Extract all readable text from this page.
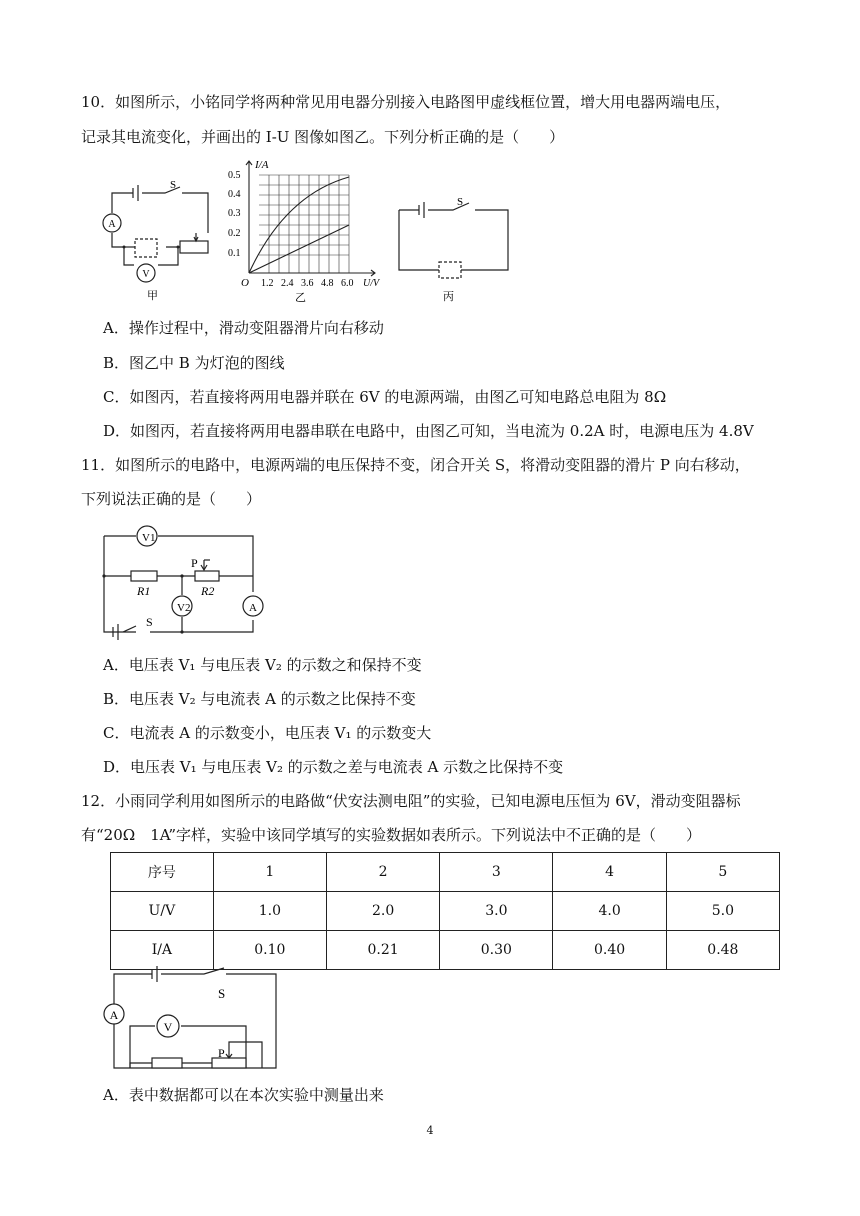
10．如图所示，小铭同学将两种常见用电器分别接入电路图甲虚线框位置，增大用电器两端电压，
记录其电流变化，并画出的 I-U 图像如图乙。下列分析正确的是（　　）
A
V
S
甲
I/A
0.5
0.4
0.3
0.2
0.1
O 1.2 2.4 3.6 4.8 6.0 U/V
乙
S
丙
A．操作过程中，滑动变阻器滑片向右移动
B．图乙中 B 为灯泡的图线
C．如图丙，若直接将两用电器并联在 6V 的电源两端，由图乙可知电路总电阻为 8Ω
D．如图丙，若直接将两用电器串联在电路中，由图乙可知，当电流为 0.2A 时，电源电压为 4.8V
11．如图所示的电路中，电源两端的电压保持不变，闭合开关 S，将滑动变阻器的滑片 P 向右移动，
下列说法正确的是（　　）
V1
V2	A
P
R1	R2
S
A．电压表 V₁ 与电压表 V₂ 的示数之和保持不变
B．电压表 V₂ 与电流表 A 的示数之比保持不变
C．电流表 A 的示数变小，电压表 V₁ 的示数变大
D．电压表 V₁ 与电压表 V₂ 的示数之差与电流表 A 示数之比保持不变
12．小雨同学利用如图所示的电路做“伏安法测电阻”的实验，已知电源电压恒为 6V，滑动变阻器标
有“20Ω　1A”字样，实验中该同学填写的实验数据如表所示。下列说法中不正确的是（　　）
序号	1	2	3	4	5
U/V	1.0	2.0	3.0	4.0	5.0
I/A	0.10	0.21	0.30	0.40	0.48
A
V
S
P
A．表中数据都可以在本次实验中测量出来
4
